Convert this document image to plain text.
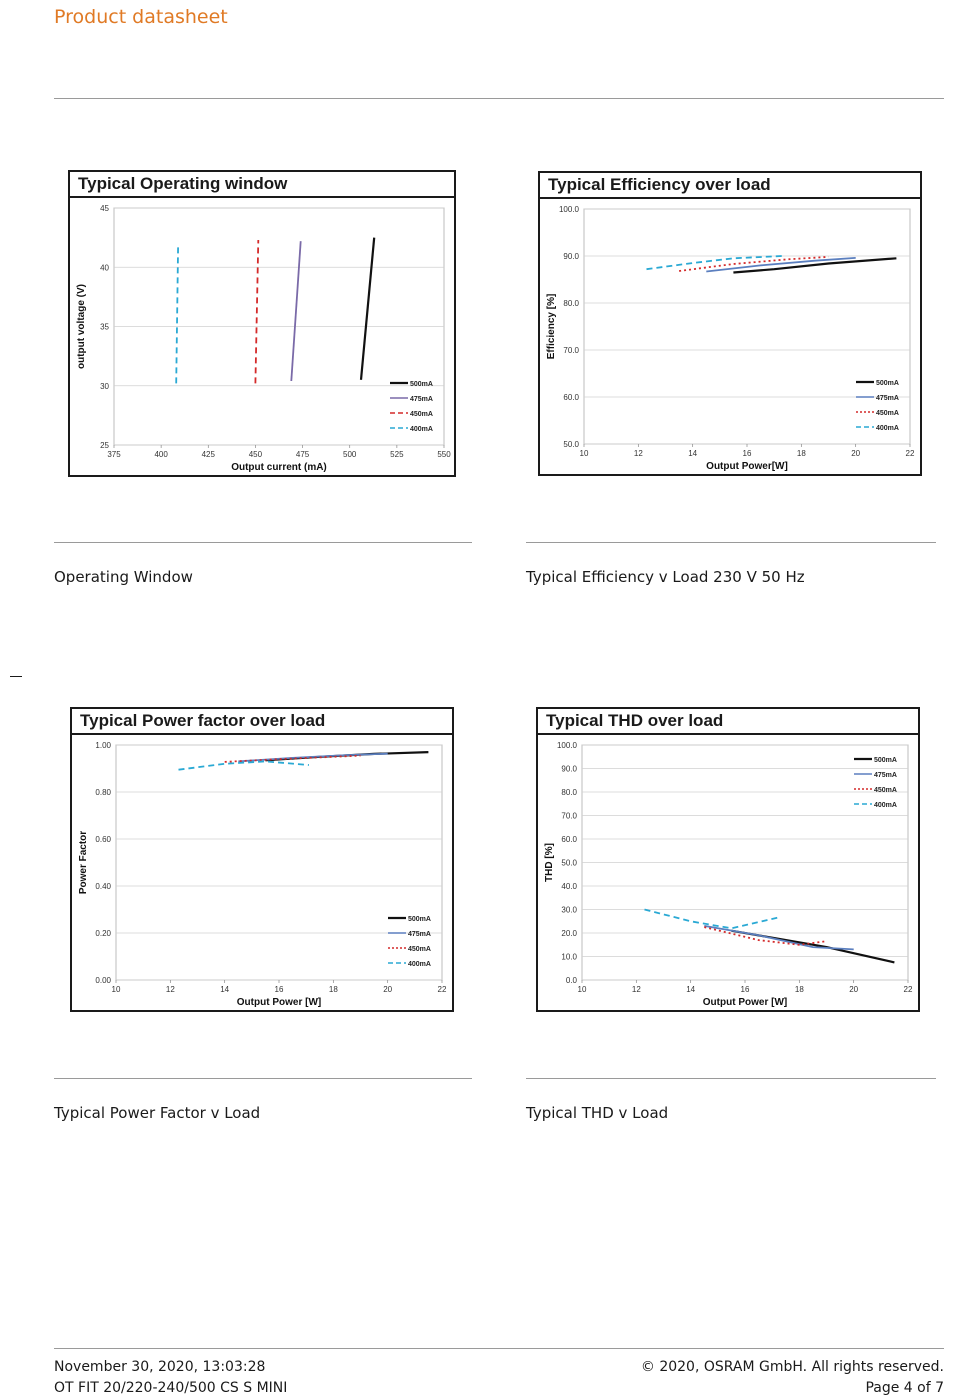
Product datasheet
Typical Operating window
25
30
35
40
45
375	400	425	450	475	500	525	550
Output current (mA)
output voltage (V)
500mA
475mA
450mA
400mA
Typical Efficiency over load
50.0
60.0
70.0
80.0
90.0
100.0
10	12	14	16	18	20	22
Output Power[W]
Efficiency [%]
500mA
475mA
450mA
400mA
Operating Window	Typical Efficiency v Load 230 V 50 Hz
Typical Power factor over load
0.00
0.20
0.40
0.60
0.80
1.00
10	12	14	16	18	20	22
Output Power [W]
Power Factor
500mA
475mA
450mA
400mA
Typical THD over load
0.0
10.0
20.0
30.0
40.0
50.0
60.0
70.0
80.0
90.0
100.0
10	12	14	16	18	20	22
Output Power [W]
THD [%]
500mA
475mA
450mA
400mA
Typical Power Factor v Load	Typical THD v Load
November 30, 2020, 13:03:28	© 2020, OSRAM GmbH. All rights reserved.
OT FIT 20/220-240/500 CS S MINI	Page 4 of 7
